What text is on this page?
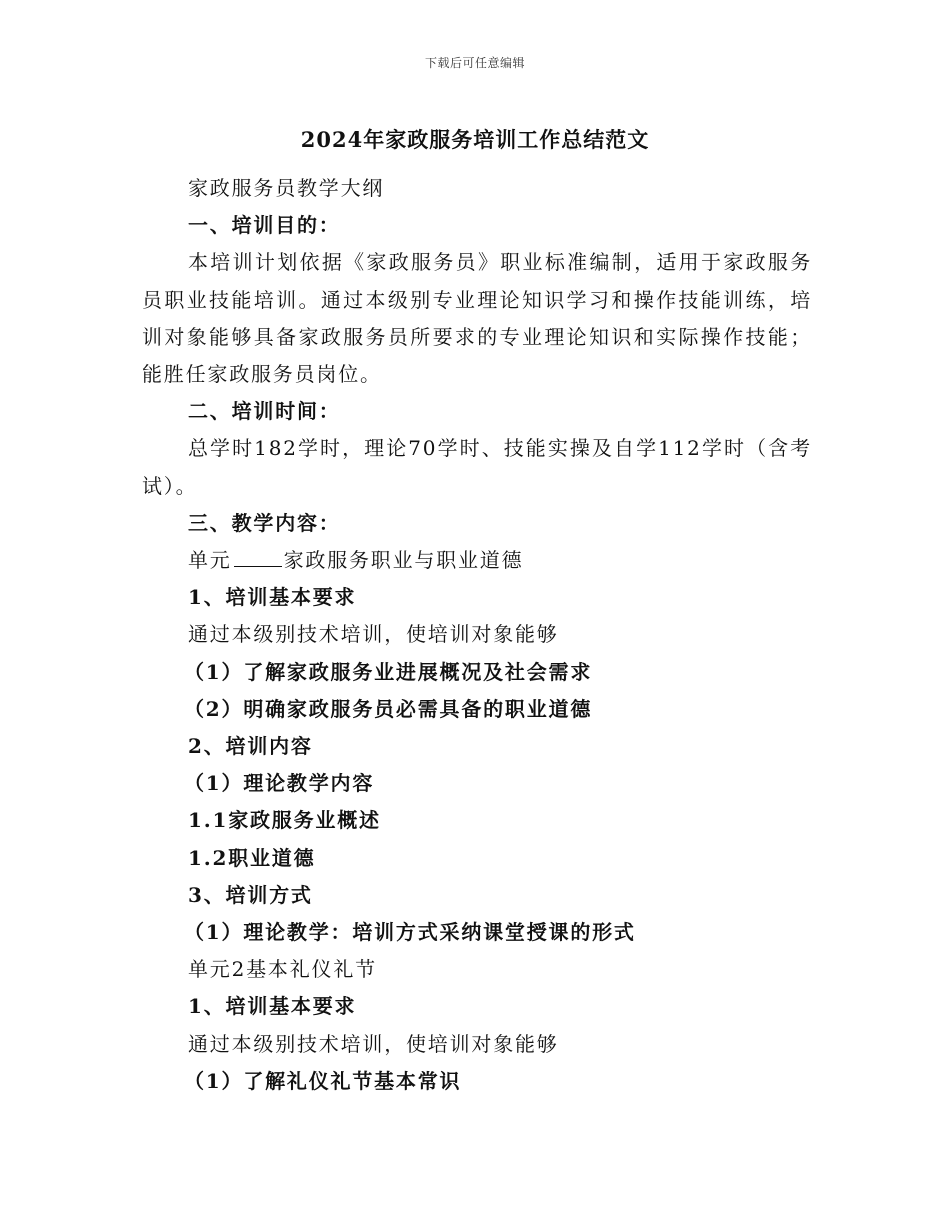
下载后可任意编辑
2024年家政服务培训工作总结范文

家政服务员教学大纲

一、培训目的：

本培训计划依据《家政服务员》职业标准编制，适用于家政服务员职业技能培训。通过本级别专业理论知识学习和操作技能训练，培训对象能够具备家政服务员所要求的专业理论知识和实际操作技能；能胜任家政服务员岗位。

二、培训时间：

总学时182学时，理论70学时、技能实操及自学112学时（含考试）。

三、教学内容：

单元	家政服务职业与职业道德

1、培训基本要求

通过本级别技术培训，使培训对象能够

（1）了解家政服务业进展概况及社会需求

（2）明确家政服务员必需具备的职业道德

2、培训内容

（1）理论教学内容

1.1家政服务业概述

1.2职业道德

3、培训方式

（1）理论教学：培训方式采纳课堂授课的形式

单元2基本礼仪礼节

1、培训基本要求

通过本级别技术培训，使培训对象能够

（1）了解礼仪礼节基本常识
